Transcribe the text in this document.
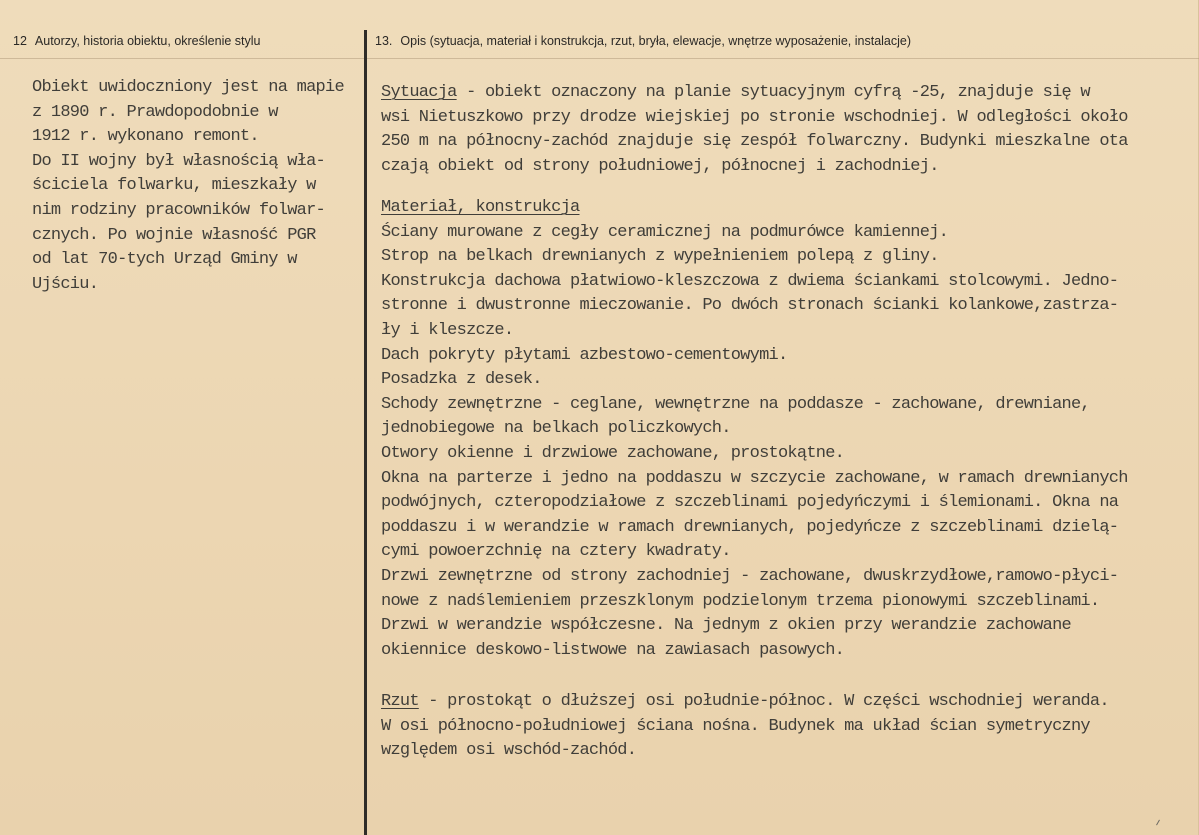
12 Autorzy, historia obiektu, określenie stylu	13. Opis (sytuacja, materiał i konstrukcja, rzut, bryła, elewacje, wnętrze wyposażenie, instalacje)
Obiekt uwidoczniony jest na mapie
z 1890 r. Prawdopodobnie w
1912 r. wykonano remont.
Do II wojny był własnością wła-
ściciela folwarku, mieszkały w
nim rodziny pracowników folwar-
cznych. Po wojnie własność PGR
od lat 70-tych Urząd Gminy w
Ujściu.
Sytuacja - obiekt oznaczony na planie sytuacyjnym cyfrą -25, znajduje się w
wsi Nietuszkowo przy drodze wiejskiej po stronie wschodniej. W odległości około
250 m na północny-zachód znajduje się zespół folwarczny. Budynki mieszkalne ota
czają obiekt od strony południowej, północnej i zachodniej.
Materiał, konstrukcja
Ściany murowane z cegły ceramicznej na podmurówce kamiennej.
Strop na belkach drewnianych z wypełnieniem polepą z gliny.
Konstrukcja dachowa płatwiowo-kleszczowa z dwiema ściankami stolcowymi. Jedno-
stronne i dwustronne mieczowanie. Po dwóch stronach ścianki kolankowe,zastrza-
ły i kleszcze.
Dach pokryty płytami azbestowo-cementowymi.
Posadzka z desek.
Schody zewnętrzne - ceglane, wewnętrzne na poddasze - zachowane, drewniane,
jednobiegowe na belkach policzkowych.
Otwory okienne i drzwiowe zachowane, prostokątne.
Okna na parterze i jedno na poddaszu w szczycie zachowane, w ramach drewnianych
podwójnych, czteropodziałowe z szczeblinami pojedyńczymi i ślemionami. Okna na
poddaszu i w werandzie w ramach drewnianych, pojedyńcze z szczeblinami dzielą-
cymi powoerzchnię na cztery kwadraty.
Drzwi zewnętrzne od strony zachodniej - zachowane, dwuskrzydłowe,ramowo-płyci-
nowe z nadślemieniem przeszklonym podzielonym trzema pionowymi szczeblinami.
Drzwi w werandzie współczesne. Na jednym z okien przy werandzie zachowane
okiennice deskowo-listwowe na zawiasach pasowych.
Rzut - prostokąt o dłuższej osi południe-północ. W części wschodniej weranda.
W osi północno-południowej ściana nośna. Budynek ma układ ścian symetryczny
względem osi wschód-zachód.
